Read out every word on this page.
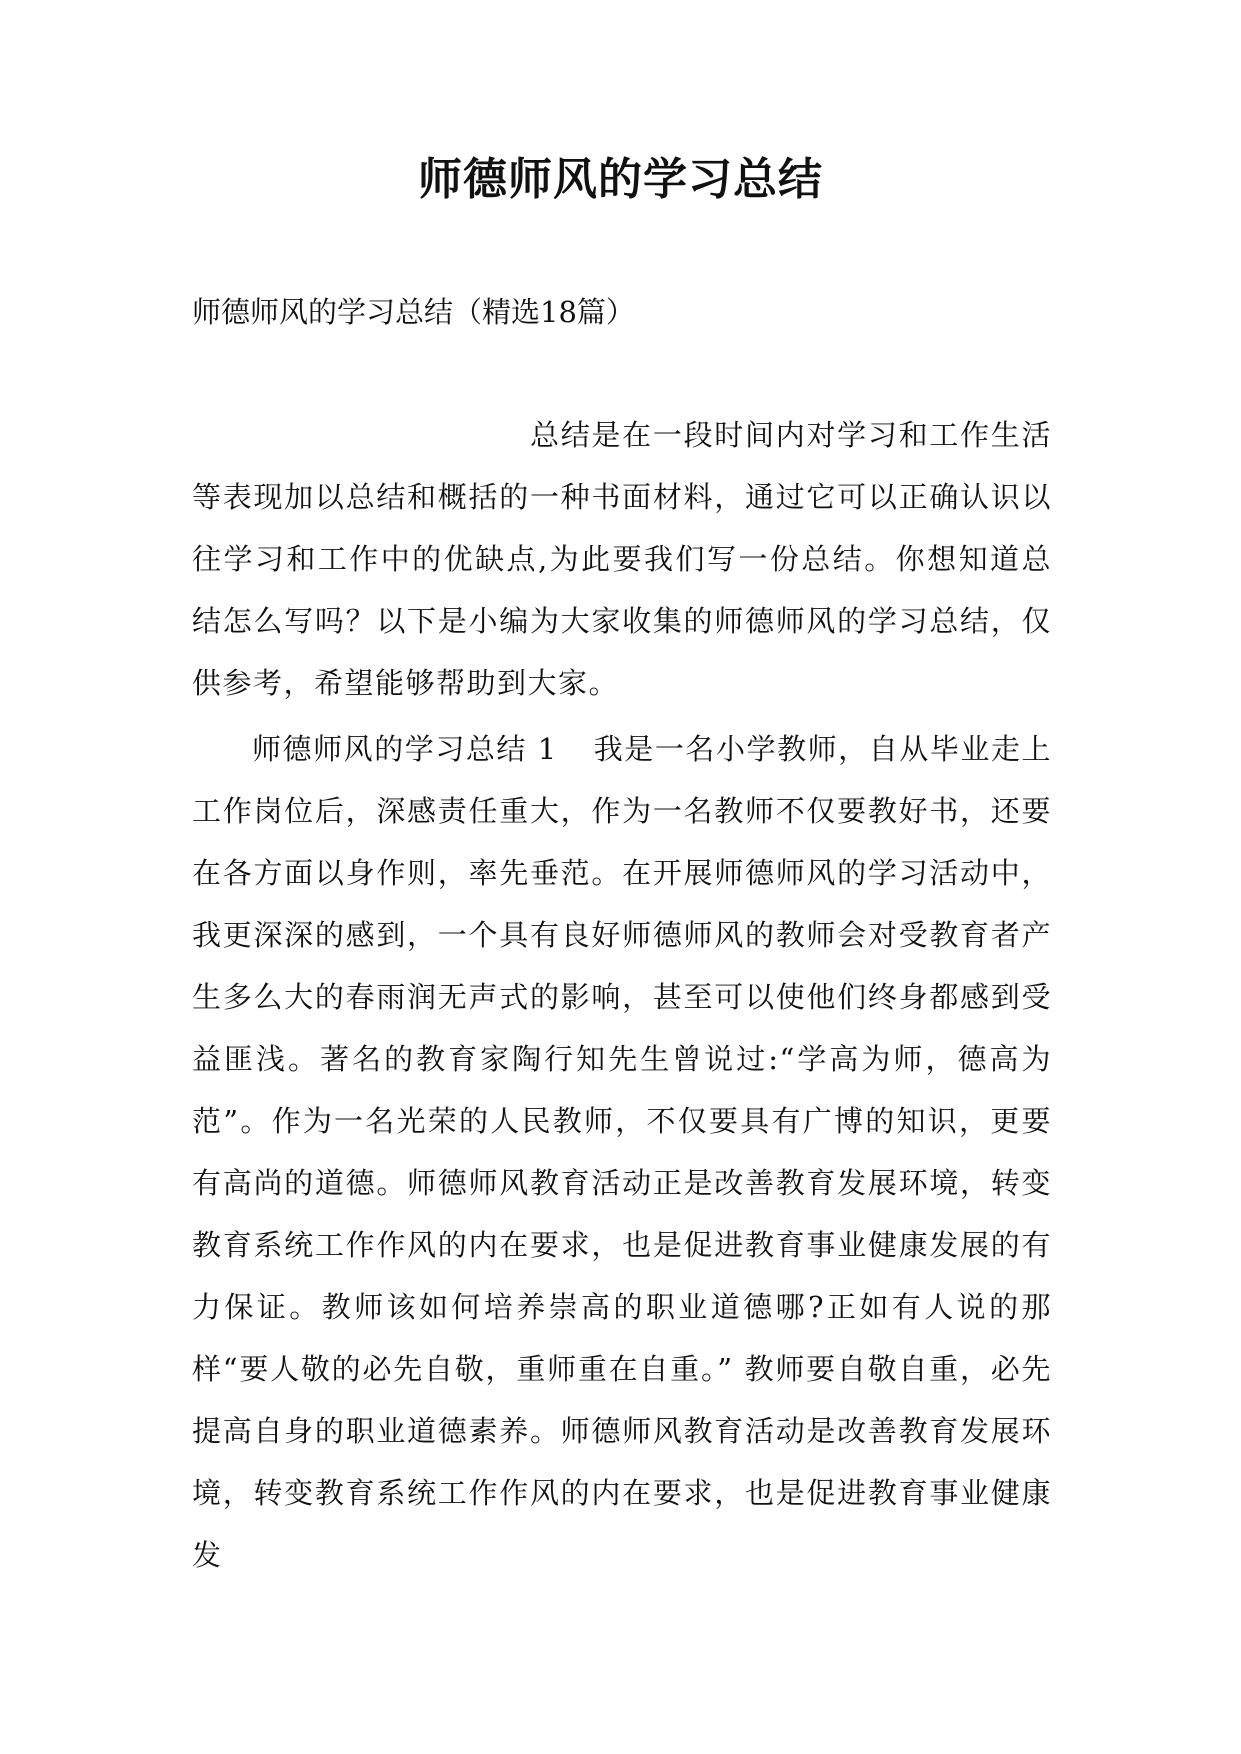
师德师风的学习总结

师德师风的学习总结（精选18篇）

总结是在一段时间内对学习和工作生活等表现加以总结和概括的一种书面材料，通过它可以正确认识以往学习和工作中的优缺点,为此要我们写一份总结。你想知道总结怎么写吗？以下是小编为大家收集的师德师风的学习总结，仅供参考，希望能够帮助到大家。

师德师风的学习总结 1 我是一名小学教师，自从毕业走上工作岗位后，深感责任重大，作为一名教师不仅要教好书，还要在各方面以身作则，率先垂范。在开展师德师风的学习活动中，我更深深的感到，一个具有良好师德师风的教师会对受教育者产生多么大的春雨润无声式的影响，甚至可以使他们终身都感到受益匪浅。著名的教育家陶行知先生曾说过:“学高为师，德高为范”。作为一名光荣的人民教师，不仅要具有广博的知识，更要有高尚的道德。师德师风教育活动正是改善教育发展环境，转变教育系统工作作风的内在要求，也是促进教育事业健康发展的有力保证。教师该如何培养崇高的职业道德哪?正如有人说的那样“要人敬的必先自敬，重师重在自重。” 教师要自敬自重，必先提高自身的职业道德素养。师德师风教育活动是改善教育发展环境，转变教育系统工作作风的内在要求，也是促进教育事业健康发
